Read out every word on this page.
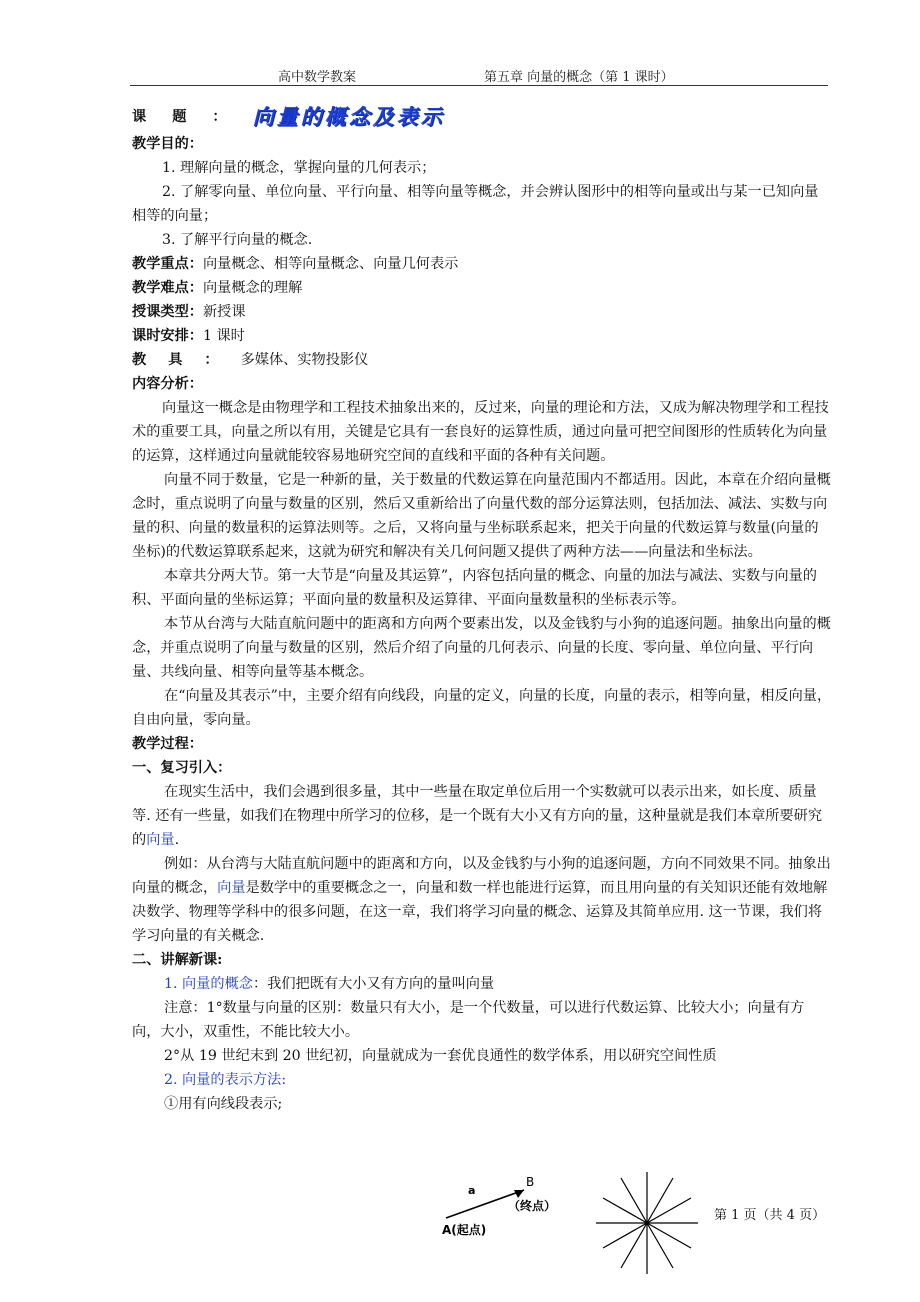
高中数学教案	第五章 向量的概念（第 1 课时）
课题： 向量的概念及表示

教学目的：

1. 理解向量的概念，掌握向量的几何表示；

2. 了解零向量、单位向量、平行向量、相等向量等概念，并会辨认图形中的相等向量或出与某一已知向量相等的向量；

3. 了解平行向量的概念.

教学重点：向量概念、相等向量概念、向量几何表示

教学难点：向量概念的理解

授课类型：新授课

课时安排：1 课时

教具：多媒体、实物投影仪

内容分析：

向量这一概念是由物理学和工程技术抽象出来的，反过来，向量的理论和方法，又成为解决物理学和工程技术的重要工具，向量之所以有用，关键是它具有一套良好的运算性质，通过向量可把空间图形的性质转化为向量的运算，这样通过向量就能较容易地研究空间的直线和平面的各种有关问题。

向量不同于数量，它是一种新的量，关于数量的代数运算在向量范围内不都适用。因此，本章在介绍向量概念时，重点说明了向量与数量的区别，然后又重新给出了向量代数的部分运算法则，包括加法、减法、实数与向量的积、向量的数量积的运算法则等。之后，又将向量与坐标联系起来，把关于向量的代数运算与数量(向量的坐标)的代数运算联系起来，这就为研究和解决有关几何问题又提供了两种方法——向量法和坐标法。

本章共分两大节。第一大节是“向量及其运算”，内容包括向量的概念、向量的加法与减法、实数与向量的积、平面向量的坐标运算；平面向量的数量积及运算律、平面向量数量积的坐标表示等。

本节从台湾与大陆直航问题中的距离和方向两个要素出发，以及金钱豹与小狗的追逐问题。抽象出向量的概念，并重点说明了向量与数量的区别，然后介绍了向量的几何表示、向量的长度、零向量、单位向量、平行向量、共线向量、相等向量等基本概念。

在“向量及其表示”中，主要介绍有向线段，向量的定义，向量的长度，向量的表示，相等向量，相反向量，自由向量，零向量。

教学过程：

一、复习引入：

在现实生活中，我们会遇到很多量，其中一些量在取定单位后用一个实数就可以表示出来，如长度、质量等. 还有一些量，如我们在物理中所学习的位移，是一个既有大小又有方向的量，这种量就是我们本章所要研究的向量.

例如：从台湾与大陆直航问题中的距离和方向，以及金钱豹与小狗的追逐问题，方向不同效果不同。抽象出向量的概念，向量是数学中的重要概念之一，向量和数一样也能进行运算，而且用向量的有关知识还能有效地解决数学、物理等学科中的很多问题，在这一章，我们将学习向量的概念、运算及其简单应用. 这一节课，我们将学习向量的有关概念.

二、讲解新课:

1. 向量的概念：我们把既有大小又有方向的量叫向量

注意：1°数量与向量的区别：数量只有大小，是一个代数量，可以进行代数运算、比较大小；向量有方向，大小，双重性，不能比较大小。

2°从 19 世纪末到 20 世纪初，向量就成为一套优良通性的数学体系，用以研究空间性质

2. 向量的表示方法:

①用有向线段表示;

a
B
（终点）
A(起点)
第 1 页（共 4 页）
